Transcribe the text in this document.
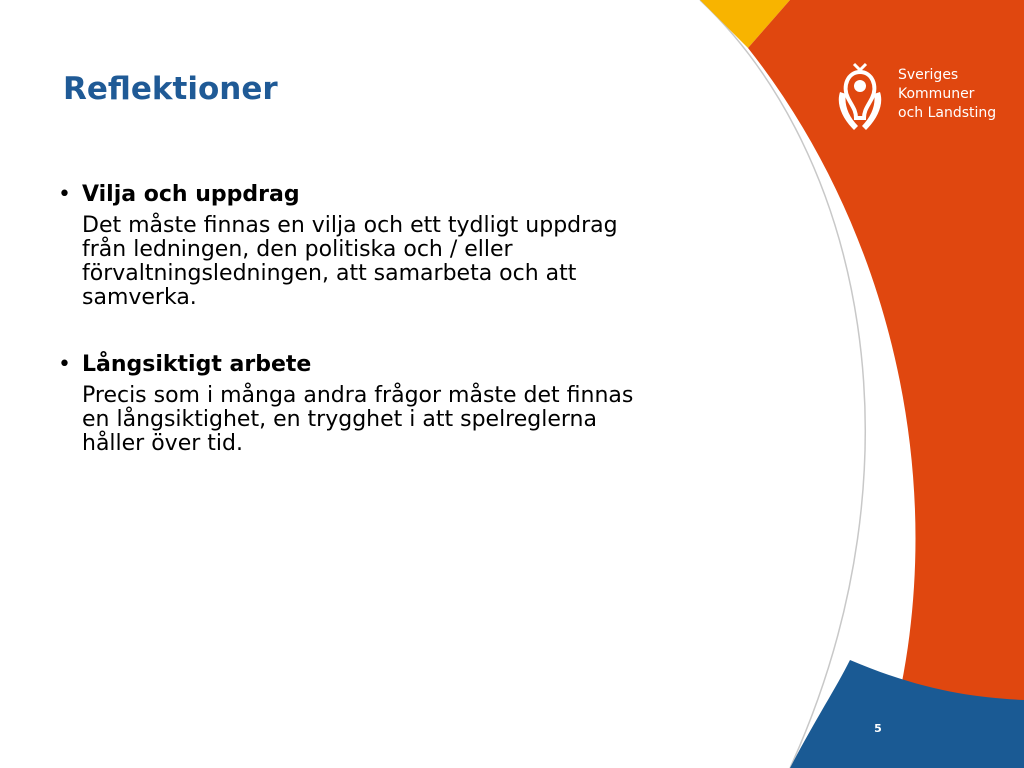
Reflektioner
• Vilja och uppdrag
Det måste finnas en vilja och ett tydligt uppdrag
från ledningen, den politiska och / eller
förvaltningsledningen, att samarbeta och att
samverka.
• Långsiktigt arbete
Precis som i många andra frågor måste det finnas
en långsiktighet, en trygghet i att spelreglerna
håller över tid.
Sveriges
Kommuner
och Landsting
5
